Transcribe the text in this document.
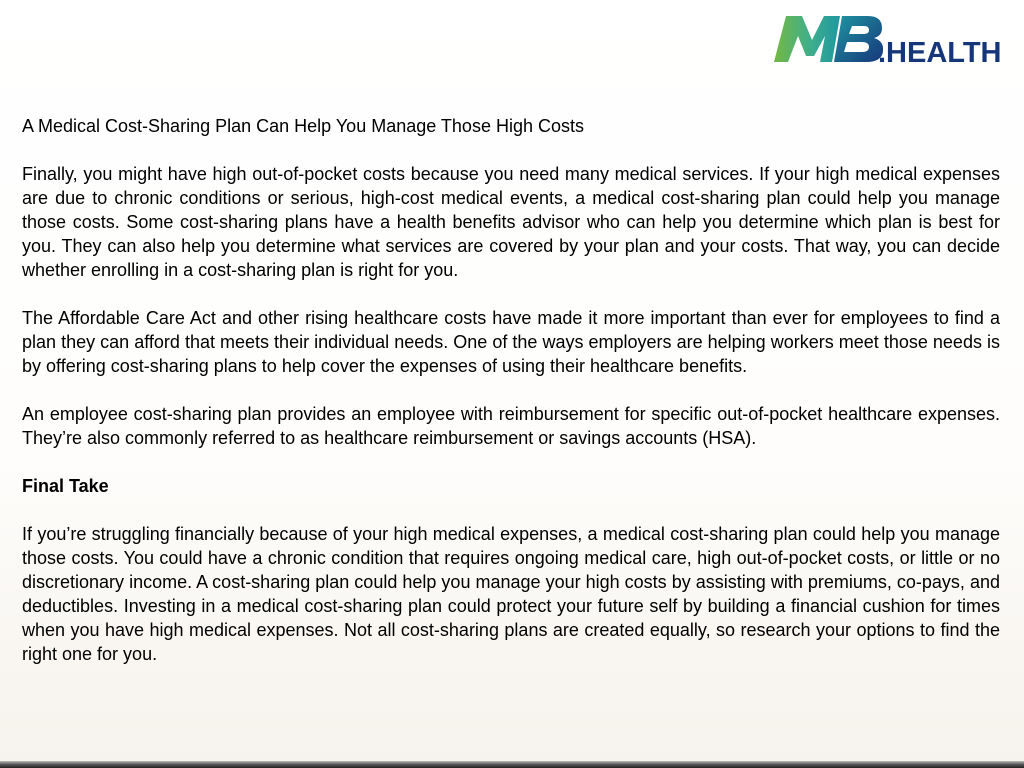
.HEALTH

A Medical Cost-Sharing Plan Can Help You Manage Those High Costs

Finally, you might have high out-of-pocket costs because you need many medical services. If your high medical expenses are due to chronic conditions or serious, high-cost medical events, a medical cost-sharing plan could help you manage those costs. Some cost-sharing plans have a health benefits advisor who can help you determine which plan is best for you. They can also help you determine what services are covered by your plan and your costs. That way, you can decide whether enrolling in a cost-sharing plan is right for you.

The Affordable Care Act and other rising healthcare costs have made it more important than ever for employees to find a plan they can afford that meets their individual needs. One of the ways employers are helping workers meet those needs is by offering cost-sharing plans to help cover the expenses of using their healthcare benefits.

An employee cost-sharing plan provides an employee with reimbursement for specific out-of-pocket healthcare expenses. They’re also commonly referred to as healthcare reimbursement or savings accounts (HSA).

Final Take

If you’re struggling financially because of your high medical expenses, a medical cost-sharing plan could help you manage those costs. You could have a chronic condition that requires ongoing medical care, high out-of-pocket costs, or little or no discretionary income. A cost-sharing plan could help you manage your high costs by assisting with premiums, co-pays, and deductibles. Investing in a medical cost-sharing plan could protect your future self by building a financial cushion for times when you have high medical expenses. Not all cost-sharing plans are created equally, so research your options to find the right one for you.
